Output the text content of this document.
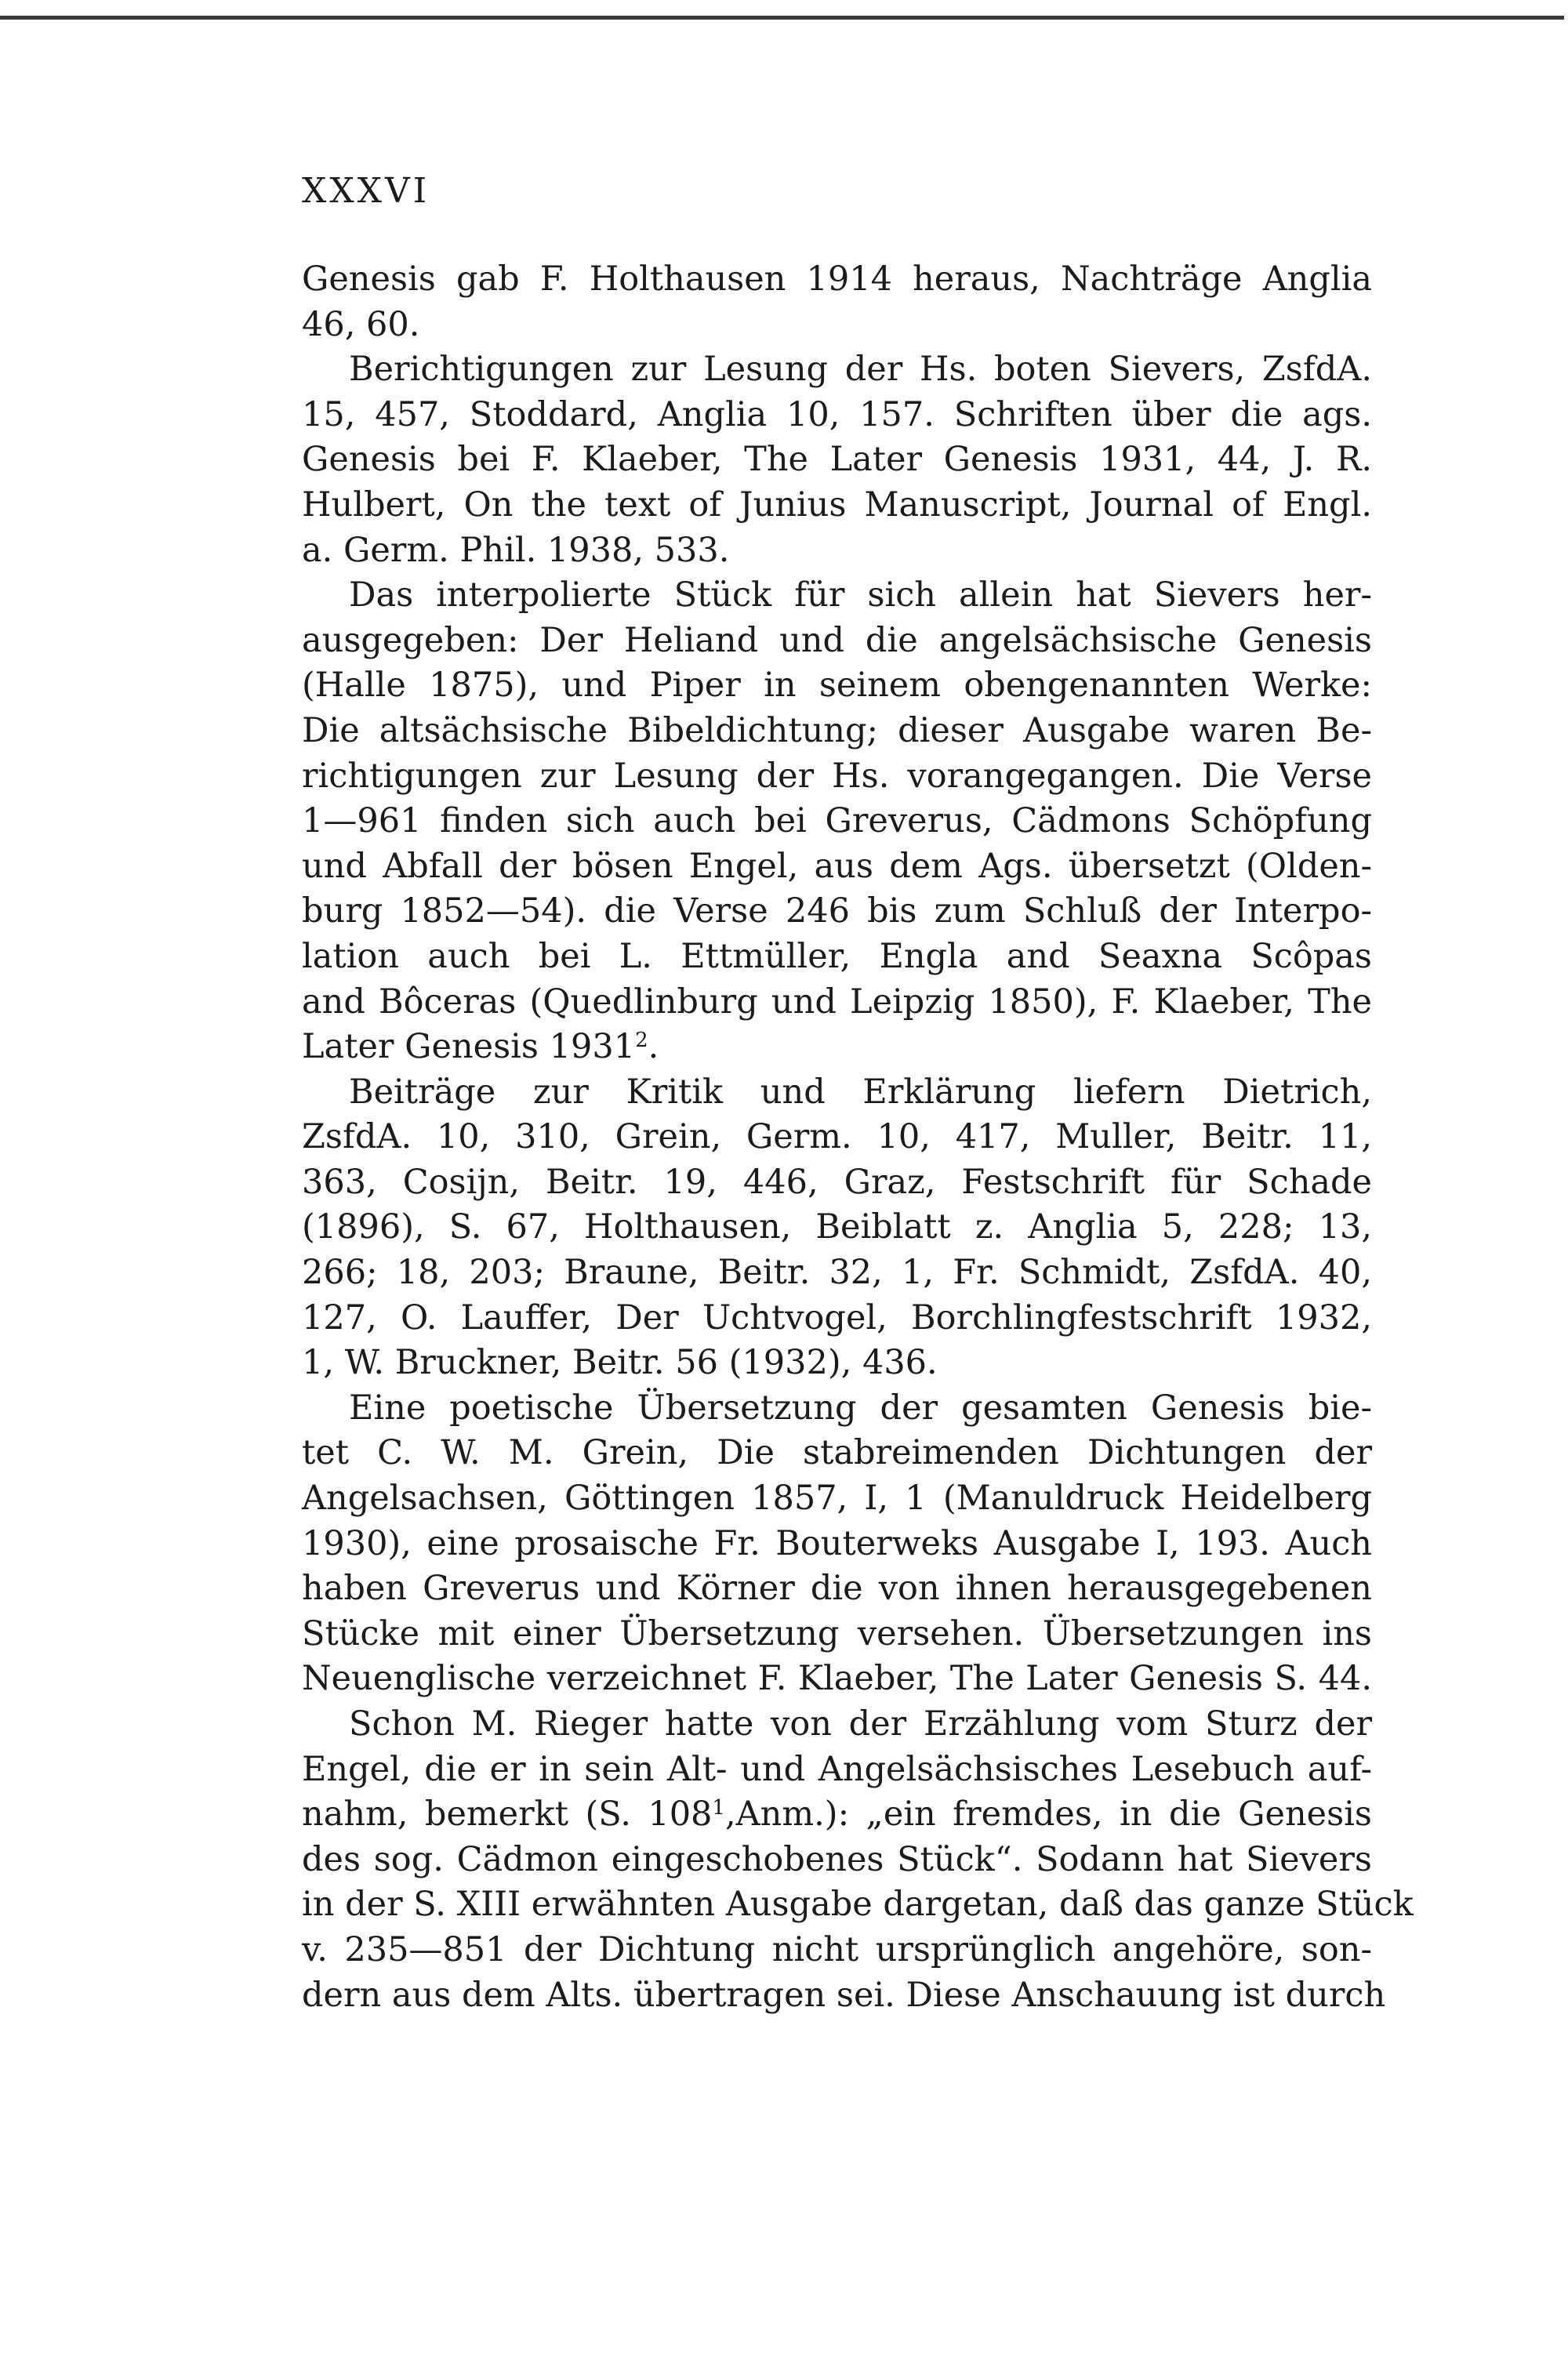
XXXVI
Genesis gab F. Holthausen 1914 heraus, Nachträge Anglia
46, 60.
Berichtigungen zur Lesung der Hs. boten Sievers, ZsfdA.
15, 457, Stoddard, Anglia 10, 157. Schriften über die ags.
Genesis bei F. Klaeber, The Later Genesis 1931, 44, J. R.
Hulbert, On the text of Junius Manuscript, Journal of Engl.
a. Germ. Phil. 1938, 533.
Das interpolierte Stück für sich allein hat Sievers her-
ausgegeben: Der Heliand und die angelsächsische Genesis
(Halle 1875), und Piper in seinem obengenannten Werke:
Die altsächsische Bibeldichtung; dieser Ausgabe waren Be-
richtigungen zur Lesung der Hs. vorangegangen. Die Verse
1—961 finden sich auch bei Greverus, Cädmons Schöpfung
und Abfall der bösen Engel, aus dem Ags. übersetzt (Olden-
burg 1852—54). die Verse 246 bis zum Schluß der Interpo-
lation auch bei L. Ettmüller, Engla and Seaxna Scôpas
and Bôceras (Quedlinburg und Leipzig 1850), F. Klaeber, The
Later Genesis 1931$^2$.
Beiträge zur Kritik und Erklärung liefern Dietrich,
ZsfdA. 10, 310, Grein, Germ. 10, 417, Muller, Beitr. 11,
363, Cosijn, Beitr. 19, 446, Graz, Festschrift für Schade
(1896), S. 67, Holthausen, Beiblatt z. Anglia 5, 228; 13,
266; 18, 203; Braune, Beitr. 32, 1, Fr. Schmidt, ZsfdA. 40,
127, O. Lauffer, Der Uchtvogel, Borchlingfestschrift 1932,
1, W. Bruckner, Beitr. 56 (1932), 436.
Eine poetische Übersetzung der gesamten Genesis bie-
tet C. W. M. Grein, Die stabreimenden Dichtungen der
Angelsachsen, Göttingen 1857, I, 1 (Manuldruck Heidelberg
1930), eine prosaische Fr. Bouterweks Ausgabe I, 193. Auch
haben Greverus und Körner die von ihnen herausgegebenen
Stücke mit einer Übersetzung versehen. Übersetzungen ins
Neuenglische verzeichnet F. Klaeber, The Later Genesis S. 44.
Schon M. Rieger hatte von der Erzählung vom Sturz der
Engel, die er in sein Alt- und Angelsächsisches Lesebuch auf-
nahm, bemerkt (S. $108^1,Anm$.): „ein fremdes, in die Genesis
des sog. Cädmon eingeschobenes Stück“. Sodann hat Sievers
in der S. XIII erwähnten Ausgabe dargetan, daß das ganze Stück
v. 235—851 der Dichtung nicht ursprünglich angehöre, son-
dern aus dem Alts. übertragen sei. Diese Anschauung ist durch
